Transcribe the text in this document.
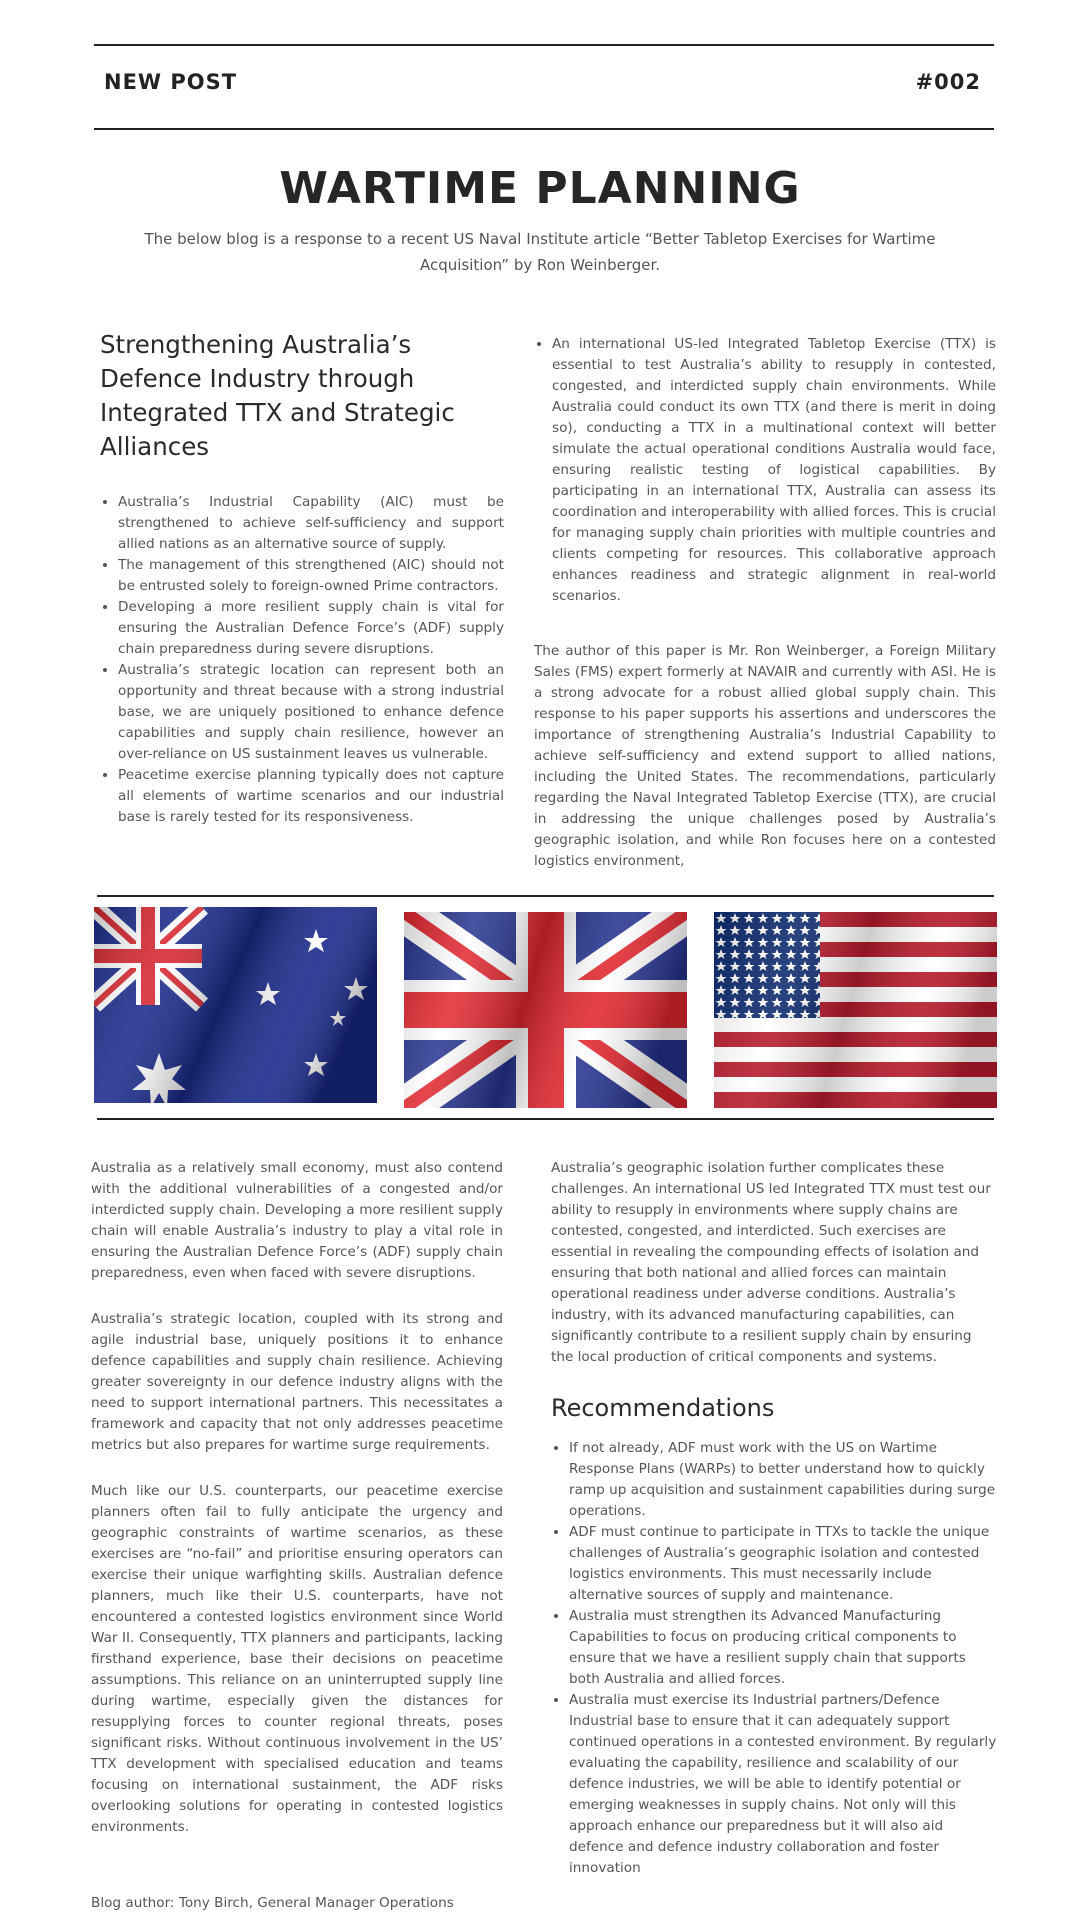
NEW POST	#002
WARTIME PLANNING
The below blog is a response to a recent US Naval Institute article “Better Tabletop Exercises for Wartime Acquisition” by Ron Weinberger.
Strengthening Australia’s Defence Industry through Integrated TTX and Strategic Alliances
• Australia’s Industrial Capability (AIC) must be strengthened to achieve self-sufficiency and support allied nations as an alternative source of supply.
• The management of this strengthened (AIC) should not be entrusted solely to foreign-owned Prime contractors.
• Developing a more resilient supply chain is vital for ensuring the Australian Defence Force’s (ADF) supply chain preparedness during severe disruptions.
• Australia’s strategic location can represent both an opportunity and threat because with a strong industrial base, we are uniquely positioned to enhance defence capabilities and supply chain resilience, however an over-reliance on US sustainment leaves us vulnerable.
• Peacetime exercise planning typically does not capture all elements of wartime scenarios and our industrial base is rarely tested for its responsiveness.
• An international US-led Integrated Tabletop Exercise (TTX) is essential to test Australia’s ability to resupply in contested, congested, and interdicted supply chain environments. While Australia could conduct its own TTX (and there is merit in doing so), conducting a TTX in a multinational context will better simulate the actual operational conditions Australia would face, ensuring realistic testing of logistical capabilities. By participating in an international TTX, Australia can assess its coordination and interoperability with allied forces. This is crucial for managing supply chain priorities with multiple countries and clients competing for resources. This collaborative approach enhances readiness and strategic alignment in real-world scenarios.

The author of this paper is Mr. Ron Weinberger, a Foreign Military Sales (FMS) expert formerly at NAVAIR and currently with ASI. He is a strong advocate for a robust allied global supply chain. This response to his paper supports his assertions and underscores the importance of strengthening Australia’s Industrial Capability to achieve self-sufficiency and extend support to allied nations, including the United States. The recommendations, particularly regarding the Naval Integrated Tabletop Exercise (TTX), are crucial in addressing the unique challenges posed by Australia’s geographic isolation, and while Ron focuses here on a contested logistics environment,

Australia as a relatively small economy, must also contend with the additional vulnerabilities of a congested and/or interdicted supply chain. Developing a more resilient supply chain will enable Australia’s industry to play a vital role in ensuring the Australian Defence Force’s (ADF) supply chain preparedness, even when faced with severe disruptions.

Australia’s strategic location, coupled with its strong and agile industrial base, uniquely positions it to enhance defence capabilities and supply chain resilience. Achieving greater sovereignty in our defence industry aligns with the need to support international partners. This necessitates a framework and capacity that not only addresses peacetime metrics but also prepares for wartime surge requirements.

Much like our U.S. counterparts, our peacetime exercise planners often fail to fully anticipate the urgency and geographic constraints of wartime scenarios, as these exercises are “no-fail” and prioritise ensuring operators can exercise their unique warfighting skills. Australian defence planners, much like their U.S. counterparts, have not encountered a contested logistics environment since World War II. Consequently, TTX planners and participants, lacking firsthand experience, base their decisions on peacetime assumptions. This reliance on an uninterrupted supply line during wartime, especially given the distances for resupplying forces to counter regional threats, poses significant risks. Without continuous involvement in the US’ TTX development with specialised education and teams focusing on international sustainment, the ADF risks overlooking solutions for operating in contested logistics environments.

Australia’s geographic isolation further complicates these challenges. An international US led Integrated TTX must test our ability to resupply in environments where supply chains are contested, congested, and interdicted. Such exercises are essential in revealing the compounding effects of isolation and ensuring that both national and allied forces can maintain operational readiness under adverse conditions. Australia’s industry, with its advanced manufacturing capabilities, can significantly contribute to a resilient supply chain by ensuring the local production of critical components and systems.

Recommendations
• If not already, ADF must work with the US on Wartime Response Plans (WARPs) to better understand how to quickly ramp up acquisition and sustainment capabilities during surge operations.
• ADF must continue to participate in TTXs to tackle the unique challenges of Australia’s geographic isolation and contested logistics environments. This must necessarily include alternative sources of supply and maintenance.
• Australia must strengthen its Advanced Manufacturing Capabilities to focus on producing critical components to ensure that we have a resilient supply chain that supports both Australia and allied forces.
• Australia must exercise its Industrial partners/Defence Industrial base to ensure that it can adequately support continued operations in a contested environment. By regularly evaluating the capability, resilience and scalability of our defence industries, we will be able to identify potential or emerging weaknesses in supply chains. Not only will this approach enhance our preparedness but it will also aid defence and defence industry collaboration and foster innovation
Blog author: Tony Birch, General Manager Operations
